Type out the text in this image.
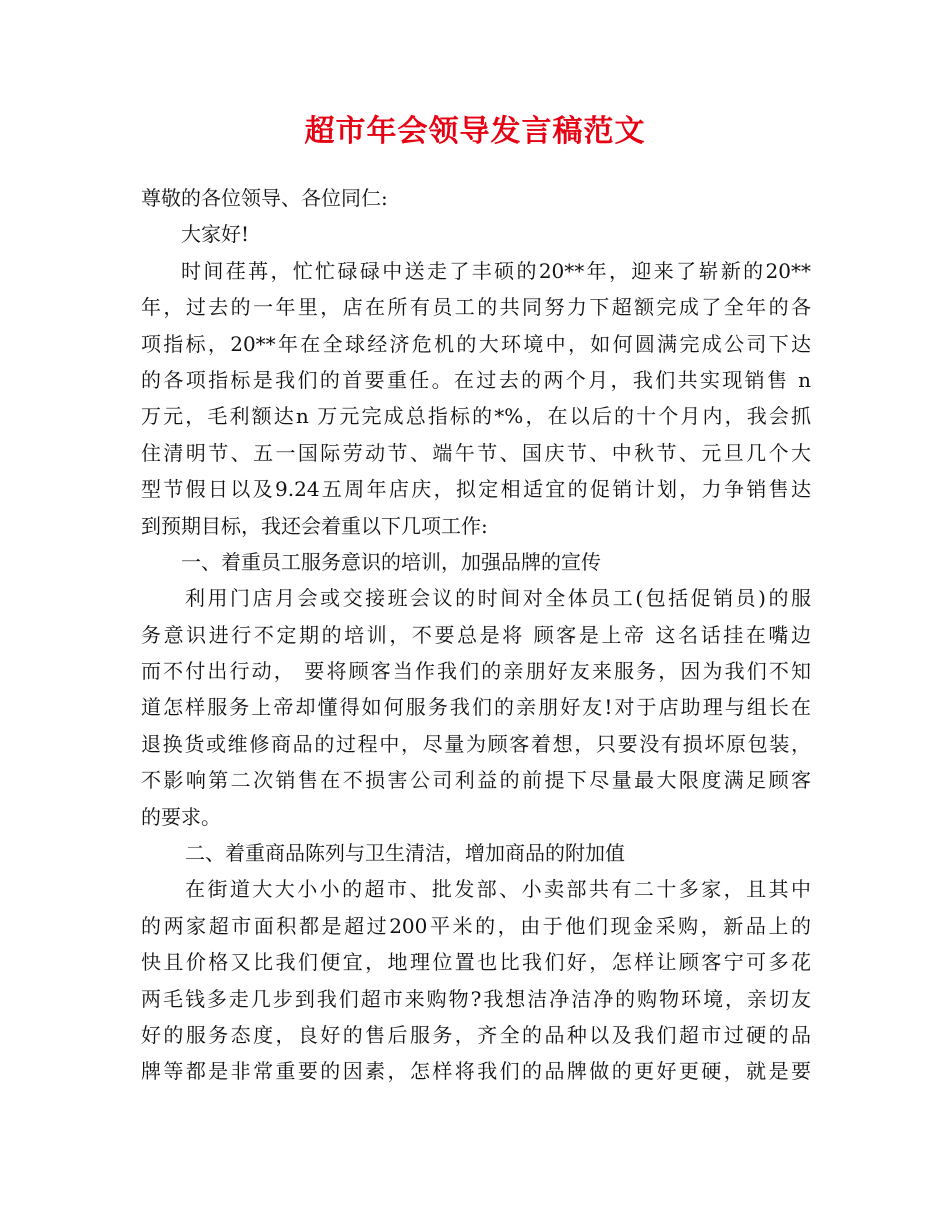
超市年会领导发言稿范文
尊敬的各位领导、各位同仁:
大家好!
时间荏苒，忙忙碌碌中送走了丰硕的20**年，迎来了崭新的20**
年，过去的一年里，店在所有员工的共同努力下超额完成了全年的各
项指标，20**年在全球经济危机的大环境中，如何圆满完成公司下达
的各项指标是我们的首要重任。在过去的两个月，我们共实现销售 n
万元，毛利额达n 万元完成总指标的*%，在以后的十个月内，我会抓
住清明节、五一国际劳动节、端午节、国庆节、中秋节、元旦几个大
型节假日以及9.24五周年店庆，拟定相适宜的促销计划，力争销售达
到预期目标，我还会着重以下几项工作:
一、着重员工服务意识的培训，加强品牌的宣传
利用门店月会或交接班会议的时间对全体员工(包括促销员)的服
务意识进行不定期的培训，不要总是将 顾客是上帝 这名话挂在嘴边
而不付出行动， 要将顾客当作我们的亲朋好友来服务，因为我们不知
道怎样服务上帝却懂得如何服务我们的亲朋好友!对于店助理与组长在
退换货或维修商品的过程中，尽量为顾客着想，只要没有损坏原包装，
不影响第二次销售在不损害公司利益的前提下尽量最大限度满足顾客
的要求。
二、着重商品陈列与卫生清洁，增加商品的附加值
在街道大大小小的超市、批发部、小卖部共有二十多家，且其中
的两家超市面积都是超过200平米的，由于他们现金采购，新品上的
快且价格又比我们便宜，地理位置也比我们好，怎样让顾客宁可多花
两毛钱多走几步到我们超市来购物?我想洁净洁净的购物环境，亲切友
好的服务态度，良好的售后服务，齐全的品种以及我们超市过硬的品
牌等都是非常重要的因素，怎样将我们的品牌做的更好更硬，就是要
